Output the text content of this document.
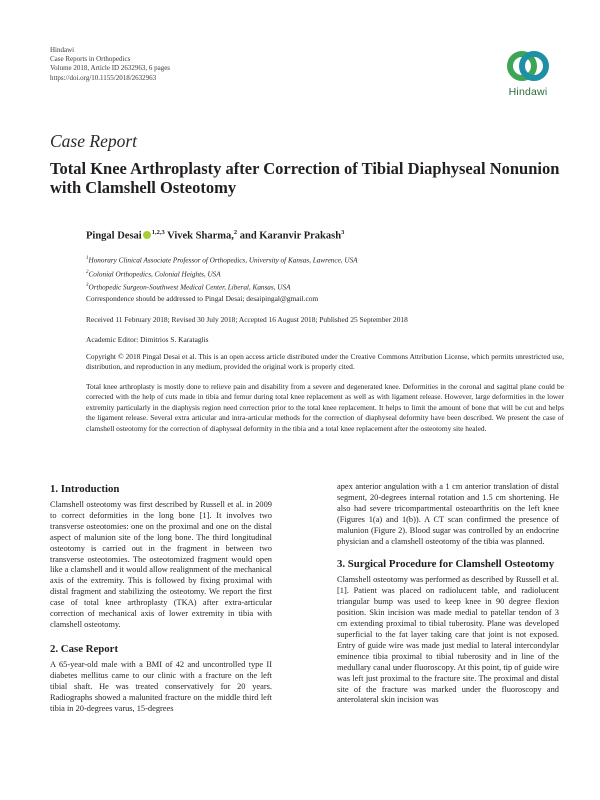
Hindawi
Case Reports in Orthopedics
Volume 2018, Article ID 2632963, 6 pages
https://doi.org/10.1155/2018/2632963
Hindawi
Case Report
Total Knee Arthroplasty after Correction of Tibial Diaphyseal Nonunion with Clamshell Osteotomy
Pingal Desai $^{1,2,3}$ Vivek Sharma,$^2$ and Karanvir Prakash$^3$
$^1$Honorary Clinical Associate Professor of Orthopedics, University of Kansas, Lawrence, USA
$^2$Colonial Orthopedics, Colonial Heights, USA
$^3$Orthopedic Surgeon-Southwest Medical Center, Liberal, Kansas, USA
Correspondence should be addressed to Pingal Desai; desaipingal@gmail.com
Received 11 February 2018; Revised 30 July 2018; Accepted 16 August 2018; Published 25 September 2018
Academic Editor: Dimitrios S. Karataglis
Copyright © 2018 Pingal Desai et al. This is an open access article distributed under the Creative Commons Attribution License, which permits unrestricted use, distribution, and reproduction in any medium, provided the original work is properly cited.
Total knee arthroplasty is mostly done to relieve pain and disability from a severe and degenerated knee. Deformities in the coronal and sagittal plane could be corrected with the help of cuts made in tibia and femur during total knee replacement as well as with ligament release. However, large deformities in the lower extremity particularly in the diaphysis region need correction prior to the total knee replacement. It helps to limit the amount of bone that will be cut and helps the ligament release. Several extra articular and intra-articular methods for the correction of diaphyseal deformity have been described. We present the case of clamshell osteotomy for the correction of diaphyseal deformity in the tibia and a total knee replacement after the osteotomy site healed.
1. Introduction

Clamshell osteotomy was first described by Russell et al. in 2009 to correct deformities in the long bone [1]. It involves two transverse osteotomies: one on the proximal and one on the distal aspect of malunion site of the long bone. The third longitudinal osteotomy is carried out in the fragment in between two transverse osteotomies. The osteotomized fragment would open like a clamshell and it would allow realignment of the mechanical axis of the extremity. This is followed by fixing proximal with distal fragment and stabilizing the osteotomy. We report the first case of total knee arthroplasty (TKA) after extra-articular correction of mechanical axis of lower extremity in tibia with clamshell osteotomy.

2. Case Report

A 65-year-old male with a BMI of 42 and uncontrolled type II diabetes mellitus came to our clinic with a fracture on the left tibial shaft. He was treated conservatively for 20 years. Radiographs showed a malunited fracture on the middle third left tibia in 20-degrees varus, 15-degrees

apex anterior angulation with a 1 cm anterior translation of distal segment, 20-degrees internal rotation and 1.5 cm shortening. He also had severe tricompartmental osteoarthritis on the left knee (Figures 1(a) and 1(b)). A CT scan confirmed the presence of malunion (Figure 2). Blood sugar was controlled by an endocrine physician and a clamshell osteotomy of the tibia was planned.

3. Surgical Procedure for Clamshell Osteotomy

Clamshell osteotomy was performed as described by Russell et al. [1]. Patient was placed on radiolucent table, and radiolucent triangular bump was used to keep knee in 90 degree flexion position. Skin incision was made medial to patellar tendon of 3 cm extending proximal to tibial tuberosity. Plane was developed superficial to the fat layer taking care that joint is not exposed. Entry of guide wire was made just medial to lateral intercondylar eminence tibia proximal to tibial tuberosity and in line of the medullary canal under fluoroscopy. At this point, tip of guide wire was left just proximal to the fracture site. The proximal and distal site of the fracture was marked under the fluoroscopy and anterolateral skin incision was
